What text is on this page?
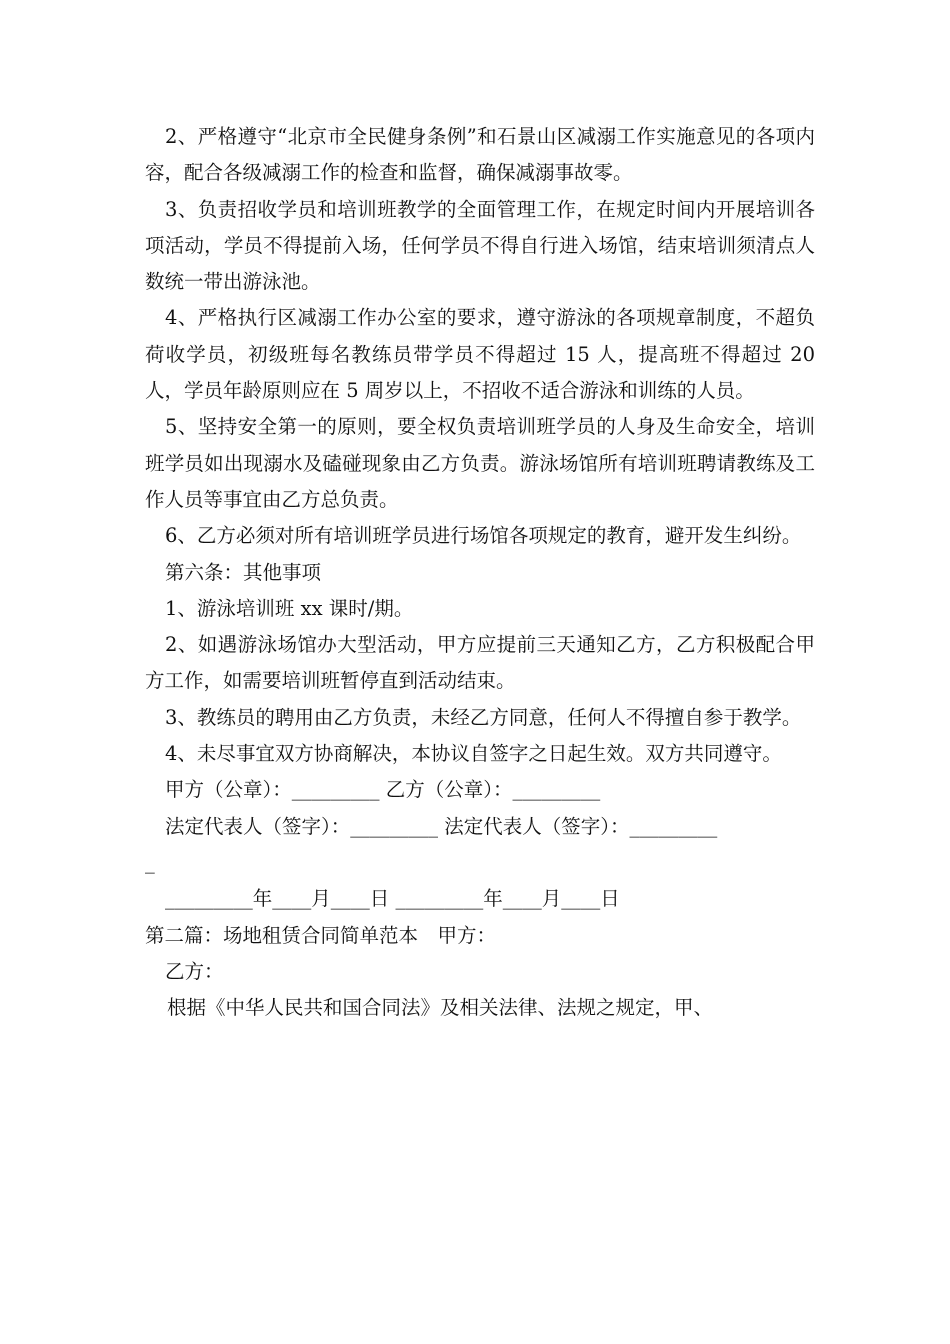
2、严格遵守“北京市全民健身条例”和石景山区减溺工作实施意见的各项内容，配合各级减溺工作的检查和监督，确保减溺事故零。

3、负责招收学员和培训班教学的全面管理工作，在规定时间内开展培训各项活动，学员不得提前入场，任何学员不得自行进入场馆，结束培训须清点人数统一带出游泳池。

4、严格执行区减溺工作办公室的要求，遵守游泳的各项规章制度，不超负荷收学员，初级班每名教练员带学员不得超过 15 人，提高班不得超过 20 人，学员年龄原则应在 5 周岁以上，不招收不适合游泳和训练的人员。

5、坚持安全第一的原则，要全权负责培训班学员的人身及生命安全，培训班学员如出现溺水及磕碰现象由乙方负责。游泳场馆所有培训班聘请教练及工作人员等事宜由乙方总负责。

6、乙方必须对所有培训班学员进行场馆各项规定的教育，避开发生纠纷。

第六条：其他事项

1、游泳培训班 xx 课时/期。

2、如遇游泳场馆办大型活动，甲方应提前三天通知乙方，乙方积极配合甲方工作，如需要培训班暂停直到活动结束。

3、教练员的聘用由乙方负责，未经乙方同意，任何人不得擅自参于教学。

4、未尽事宜双方协商解决，本协议自签字之日起生效。双方共同遵守。

甲方（公章）：_________ 乙方（公章）：_________

法定代表人（签字）：_________ 法定代表人（签字）：_________

_

_________年____月____日 _________年____月____日

第二篇：场地租赁合同简单范本　甲方：

乙方：

根据《中华人民共和国合同法》及相关法律、法规之规定，甲、
